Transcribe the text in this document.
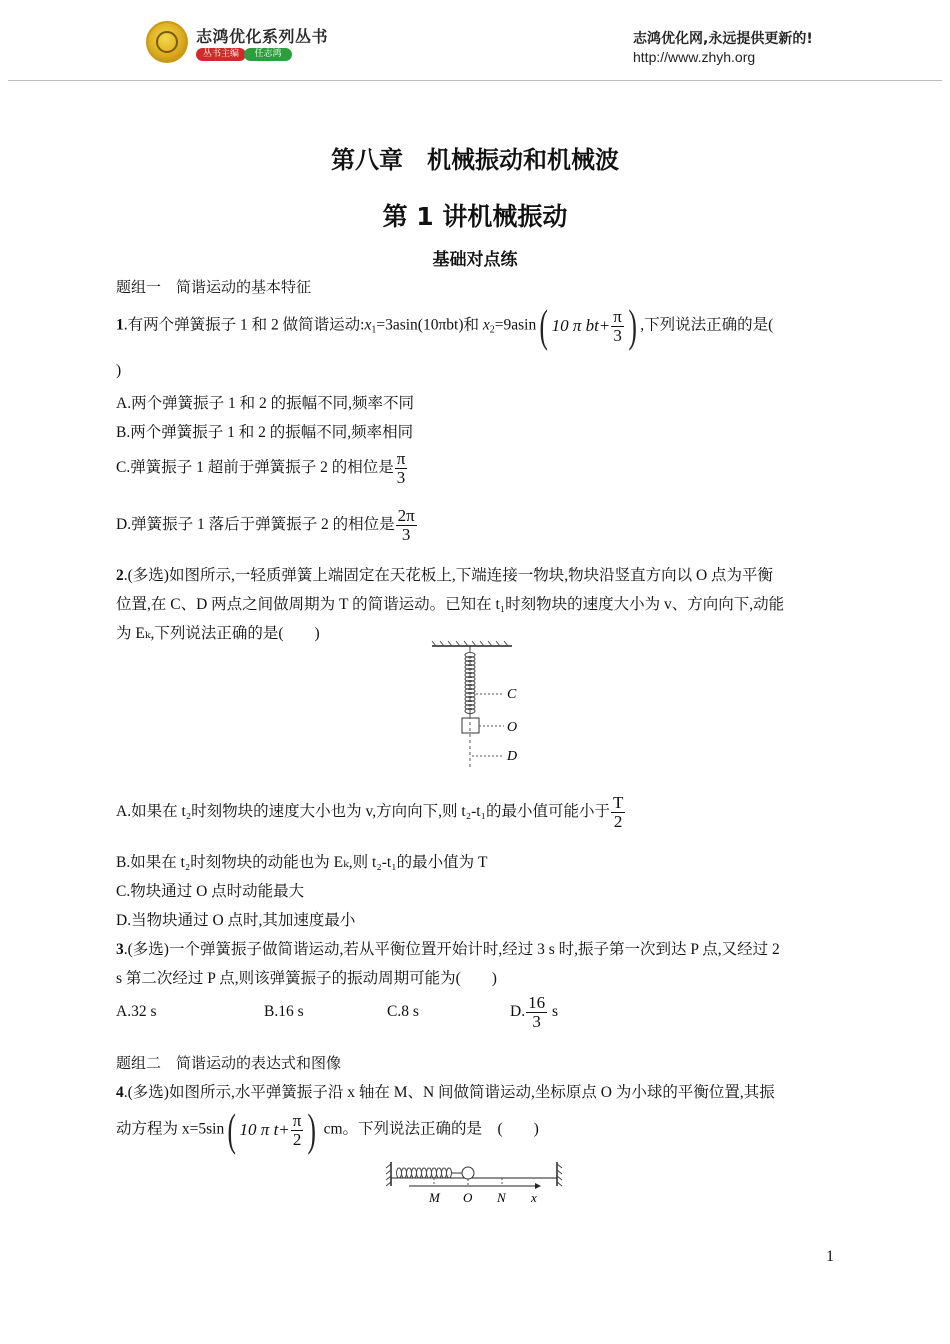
志鸿优化系列丛书
丛书主编	任志鸿
志鸿优化网,永远提供更新的!
http://www.zhyh.org
第八章　机械振动和机械波
第 1 讲机械振动
基础对点练
题组一　简谐运动的基本特征
1.有两个弹簧振子 1 和 2 做简谐运动$:x_1=3asin(10\pi bt)$和 $x_2=9asin$( 10 π $bt+ \frac{\pi}{3}$ ) ,下列说法正确的是(
)
A.两个弹簧振子 1 和 2 的振幅不同,频率不同
B.两个弹簧振子 1 和 2 的振幅不同,频率相同
C.弹簧振子 1 超前于弹簧振子 2 的相位是 $\frac{\pi}{3}$
D.弹簧振子 1 落后于弹簧振子 2 的相位是 $\frac{2\pi}{3}$
2.(多选)如图所示,一轻质弹簧上端固定在天花板上,下端连接一物块,物块沿竖直方向以 O 点为平衡
位置,在 C、D 两点之间做周期为 T 的简谐运动。已知在 t₁时刻物块的速度大小为 v、方向向下,动能
为 Eₖ,下列说法正确的是(　　)
C
O
D
A.如果在 t₂时刻物块的速度大小也为 v,方向向下,则 t₂-t₁的最小值可能小于 $\frac{T}{2}$
B.如果在 t₂时刻物块的动能也为 Eₖ,则 t₂-t₁的最小值为 T
C.物块通过 O 点时动能最大
D.当物块通过 O 点时,其加速度最小
3.(多选)一个弹簧振子做简谐运动,若从平衡位置开始计时,经过 3 s 时,振子第一次到达 P 点,又经过 2
s 第二次经过 P 点,则该弹簧振子的振动周期可能为(　　)
A.32 s	B.16 s	C.8 s	D. $\frac{16}{3}$ s
题组二　简谐运动的表达式和图像
4.(多选)如图所示,水平弹簧振子沿 x 轴在 M、N 间做简谐运动,坐标原点 O 为小球的平衡位置,其振
动方程为 x=5sin( 10 π $t+ \frac{\pi}{2}$ ) cm。下列说法正确的是　(　　)
M O N x
1
